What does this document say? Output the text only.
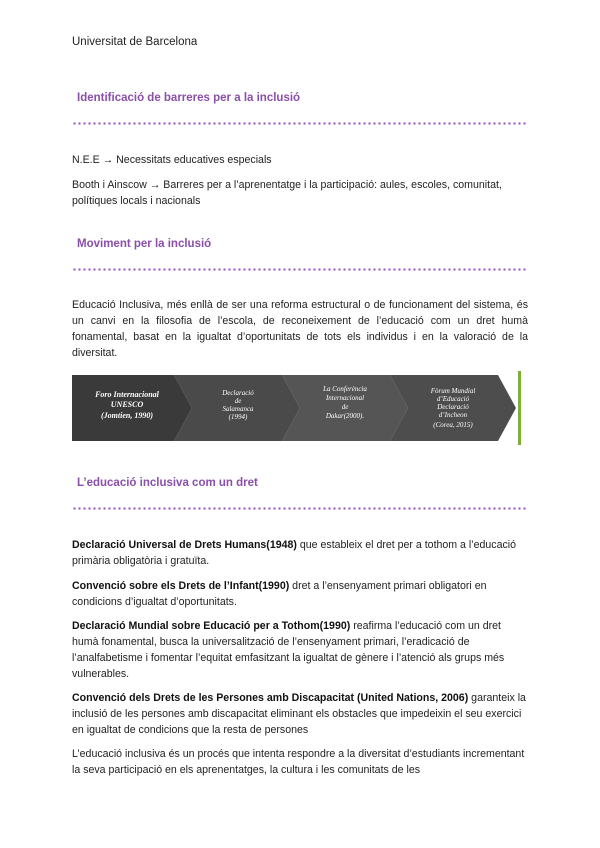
Universitat de Barcelona
Identificació de barreres per a la inclusió
N.E.E → Necessitats educatives especials
Booth i Ainscow → Barreres per a l’aprenentatge i la participació: aules, escoles, comunitat, polítiques locals i nacionals
Moviment per la inclusió
Educació Inclusiva, més enllà de ser una reforma estructural o de funcionament del sistema, és un canvi en la filosofia de l’escola, de reconeixement de l’educació com un dret humà fonamental, basat en la igualtat d’oportunitats de tots els individus i en la valoració de la diversitat.
Foro Internacional
UNESCO
(Jomtien, 1990)
Declaració
de
Salamanca
(1994)
La Conferència
Internacional
de
Dakar(2000).
Fòrum Mundial
d’Educació
Declaració
d’Incheon
(Corea, 2015)
L’educació inclusiva com un dret
Declaració Universal de Drets Humans(1948) que estableix el dret per a tothom a l’educació primària obligatòria i gratuïta.
Convenció sobre els Drets de l’Infant(1990) dret a l’ensenyament primari obligatori en condicions d’igualtat d’oportunitats.
Declaració Mundial sobre Educació per a Tothom(1990) reafirma l’educació com un dret humà fonamental, busca la universalització de l’ensenyament primari, l’eradicació de l’analfabetisme i fomentar l’equitat emfasitzant la igualtat de gènere i l’atenció als grups més vulnerables.
Convenció dels Drets de les Persones amb Discapacitat (United Nations, 2006) garanteix la inclusió de les persones amb discapacitat eliminant els obstacles que impedeixin el seu exercici en igualtat de condicions que la resta de persones
L’educació inclusiva és un procés que intenta respondre a la diversitat d’estudiants incrementant la seva participació en els aprenentatges, la cultura i les comunitats de les
